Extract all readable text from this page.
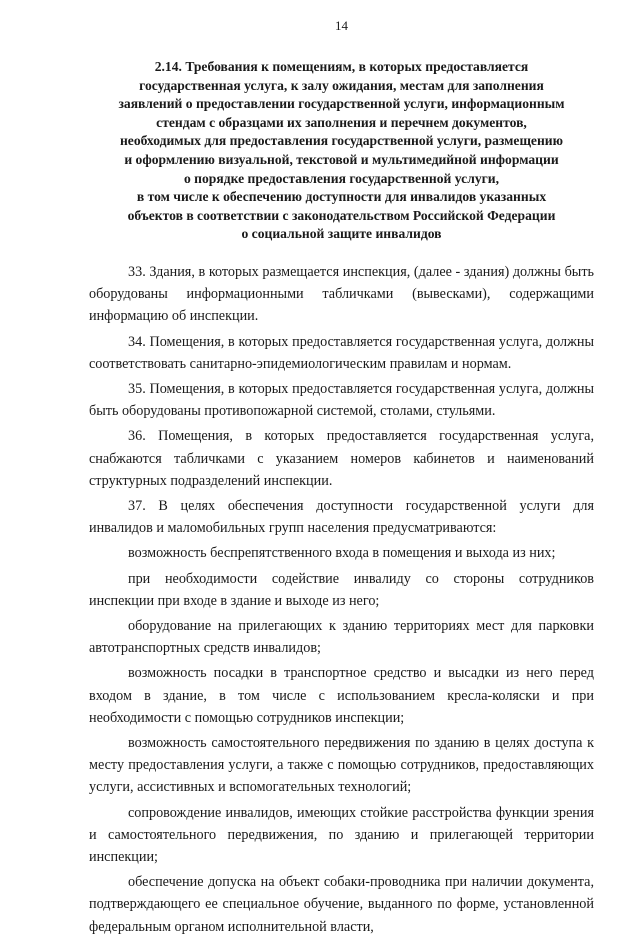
14
2.14. Требования к помещениям, в которых предоставляется
государственная услуга, к залу ожидания, местам для заполнения
заявлений о предоставлении государственной услуги, информационным
стендам с образцами их заполнения и перечнем документов,
необходимых для предоставления государственной услуги, размещению
и оформлению визуальной, текстовой и мультимедийной информации
о порядке предоставления государственной услуги,
в том числе к обеспечению доступности для инвалидов указанных
объектов в соответствии с законодательством Российской Федерации
о социальной защите инвалидов

33. Здания, в которых размещается инспекция, (далее - здания) должны быть оборудованы информационными табличками (вывесками), содержащими информацию об инспекции.

34. Помещения, в которых предоставляется государственная услуга, должны соответствовать санитарно-эпидемиологическим правилам и нормам.

35. Помещения, в которых предоставляется государственная услуга, должны быть оборудованы противопожарной системой, столами, стульями.

36. Помещения, в которых предоставляется государственная услуга, снабжаются табличками с указанием номеров кабинетов и наименований структурных подразделений инспекции.

37. В целях обеспечения доступности государственной услуги для инвалидов и маломобильных групп населения предусматриваются:

возможность беспрепятственного входа в помещения и выхода из них;

при необходимости содействие инвалиду со стороны сотрудников инспекции при входе в здание и выходе из него;

оборудование на прилегающих к зданию территориях мест для парковки автотранспортных средств инвалидов;

возможность посадки в транспортное средство и высадки из него перед входом в здание, в том числе с использованием кресла-коляски и при необходимости с помощью сотрудников инспекции;

возможность самостоятельного передвижения по зданию в целях доступа к месту предоставления услуги, а также с помощью сотрудников, предоставляющих услуги, ассистивных и вспомогательных технологий;

сопровождение инвалидов, имеющих стойкие расстройства функции зрения и самостоятельного передвижения, по зданию и прилегающей территории инспекции;

обеспечение допуска на объект собаки-проводника при наличии документа, подтверждающего ее специальное обучение, выданного по форме, установленной федеральным органом исполнительной власти,
